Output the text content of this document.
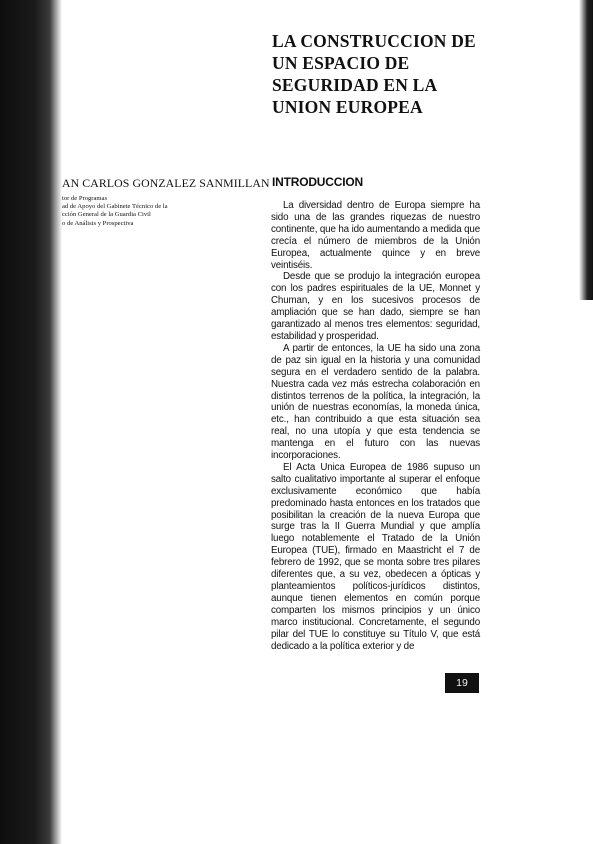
LA CONSTRUCCION DE
UN ESPACIO DE
SEGURIDAD EN LA
UNION EUROPEA
AN CARLOS GONZALEZ SANMILLAN
tor de Programas
ad de Apoyo del Gabinete Técnico de la
cción General de la Guardia Civil
o de Análisis y Prospectiva
INTRODUCCION

La diversidad dentro de Europa siempre ha sido una de las grandes riquezas de nuestro continente, que ha ido aumentando a medida que crecía el número de miembros de la Unión Europea, actualmente quince y en breve veintiséis.

Desde que se produjo la integración europea con los padres espirituales de la UE, Monnet y Chuman, y en los sucesivos procesos de ampliación que se han dado, siempre se han garantizado al menos tres elementos: seguridad, estabilidad y prosperidad.

A partir de entonces, la UE ha sido una zona de paz sin igual en la historia y una comunidad segura en el verdadero sentido de la palabra. Nuestra cada vez más estrecha colaboración en distintos terrenos de la política, la integración, la unión de nuestras economías, la moneda única, etc., han contribuido a que esta situación sea real, no una utopía y que esta tendencia se mantenga en el futuro con las nuevas incorporaciones.

El Acta Unica Europea de 1986 supuso un salto cualitativo importante al superar el enfoque exclusivamente económico que había predominado hasta entonces en los tratados que posibilitan la creación de la nueva Europa que surge tras la II Guerra Mundial y que amplía luego notablemente el Tratado de la Unión Europea (TUE), firmado en Maastricht el 7 de febrero de 1992, que se monta sobre tres pilares diferentes que, a su vez, obedecen a ópticas y planteamientos políticos-jurídicos distintos, aunque tienen elementos en común porque comparten los mismos principios y un único marco institucional. Concretamente, el segundo pilar del TUE lo constituye su Título V, que está dedicado a la política exterior y de

19
